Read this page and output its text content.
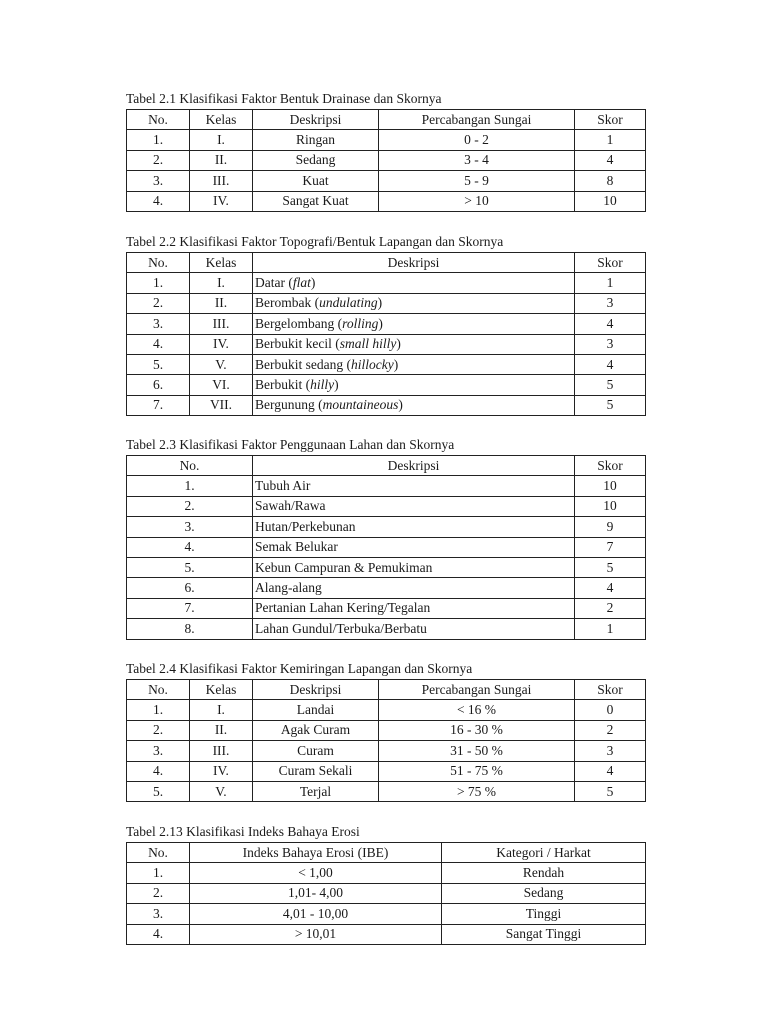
Tabel 2.1 Klasifikasi Faktor Bentuk Drainase dan Skornya
No.	Kelas	Deskripsi	Percabangan Sungai	Skor
1.	I.	Ringan	0 - 2	1
2.	II.	Sedang	3 - 4	4
3.	III.	Kuat	5 - 9	8
4.	IV.	Sangat Kuat	> 10	10
Tabel 2.2 Klasifikasi Faktor Topografi/Bentuk Lapangan dan Skornya
No.	Kelas	Deskripsi	Skor
1.	I.	Datar (flat)	1
2.	II.	Berombak (undulating)	3
3.	III.	Bergelombang (rolling)	4
4.	IV.	Berbukit kecil (small hilly)	3
5.	V.	Berbukit sedang (hillocky)	4
6.	VI.	Berbukit (hilly)	5
7.	VII.	Bergunung (mountaineous)	5
Tabel 2.3 Klasifikasi Faktor Penggunaan Lahan dan Skornya
No.	Deskripsi	Skor
1.	Tubuh Air	10
2.	Sawah/Rawa	10
3.	Hutan/Perkebunan	9
4.	Semak Belukar	7
5.	Kebun Campuran & Pemukiman	5
6.	Alang-alang	4
7.	Pertanian Lahan Kering/Tegalan	2
8.	Lahan Gundul/Terbuka/Berbatu	1
Tabel 2.4 Klasifikasi Faktor Kemiringan Lapangan dan Skornya
No.	Kelas	Deskripsi	Percabangan Sungai	Skor
1.	I.	Landai	< 16 %	0
2.	II.	Agak Curam	16 - 30 %	2
3.	III.	Curam	31 - 50 %	3
4.	IV.	Curam Sekali	51 - 75 %	4
5.	V.	Terjal	> 75 %	5
Tabel 2.13 Klasifikasi Indeks Bahaya Erosi
No.	Indeks Bahaya Erosi (IBE)	Kategori / Harkat
1.	< 1,00	Rendah
2.	1,01- 4,00	Sedang
3.	4,01 - 10,00	Tinggi
4.	> 10,01	Sangat Tinggi
